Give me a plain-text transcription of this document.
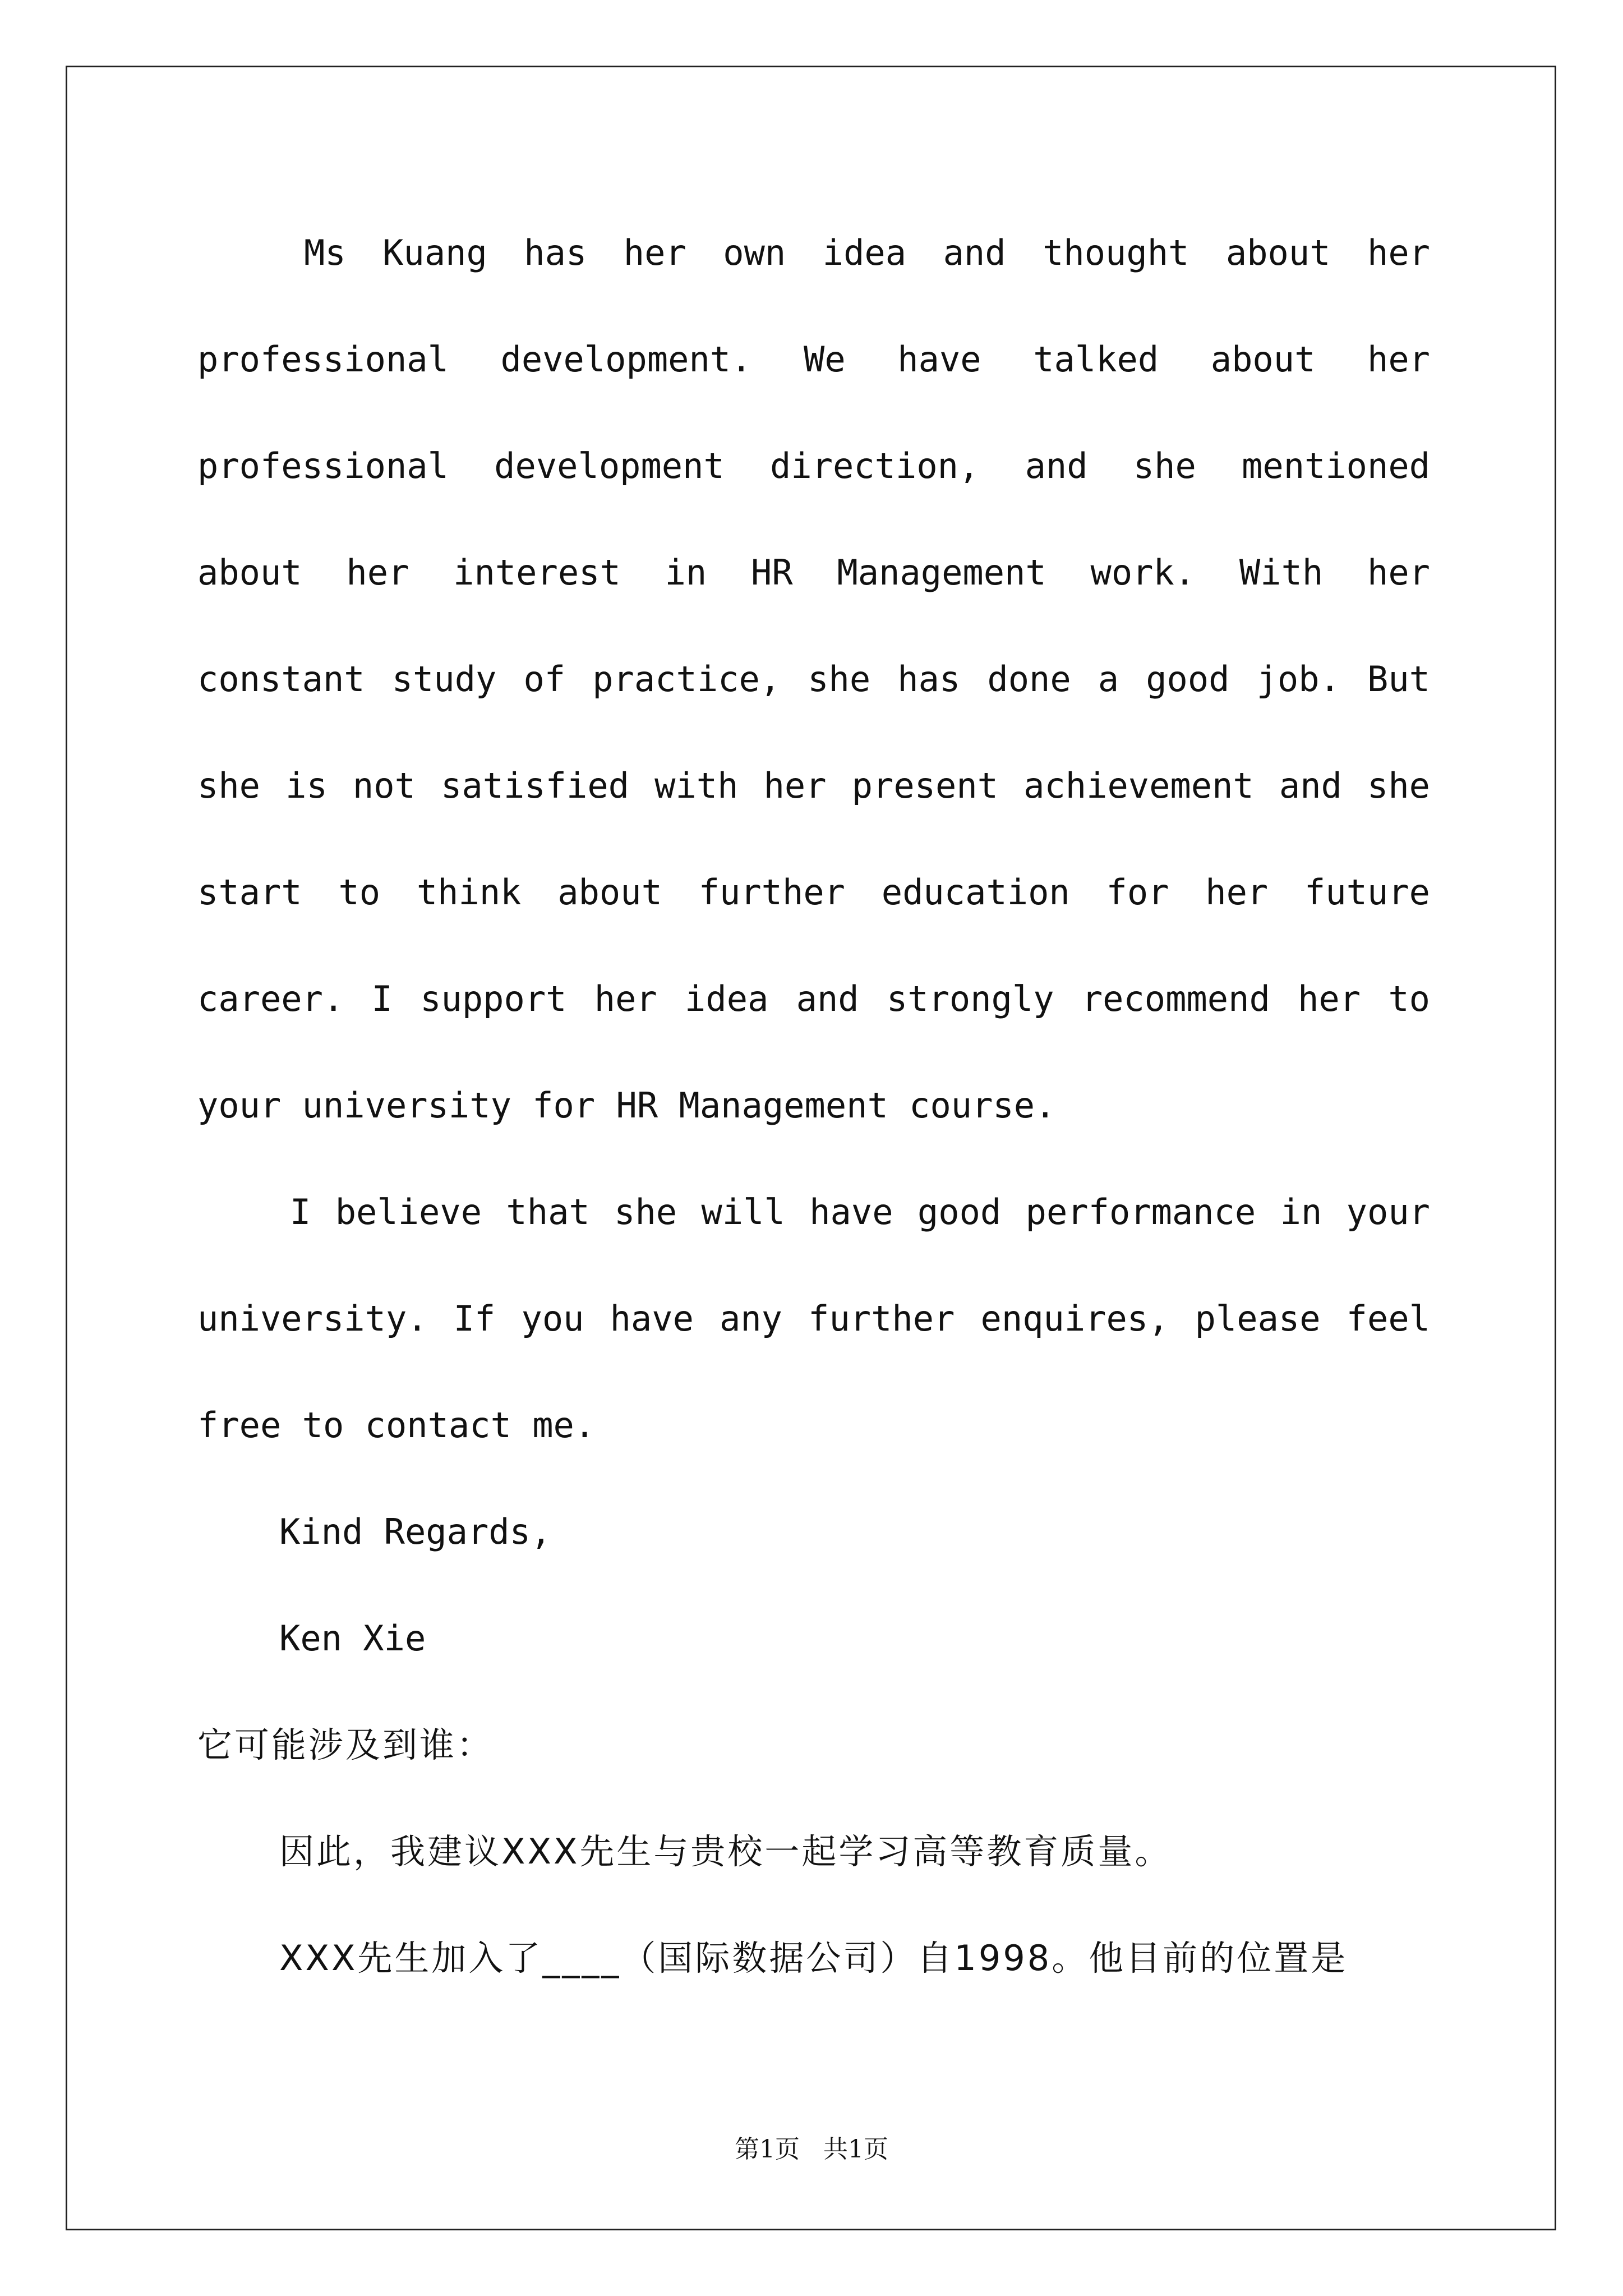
Ms Kuang has her own idea and thought about her professional development. We have talked about her professional development direction, and she mentioned about her interest in HR Management work. With her constant study of practice, she has done a good job. But she is not satisfied with her present achievement and she start to think about further education for her future career. I support her idea and strongly recommend her to your university for HR Management course.

I believe that she will have good performance in your university. If you have any further enquires, please feel free to contact me.

Kind Regards,

Ken Xie

它可能涉及到谁：

因此，我建议XXX先生与贵校一起学习高等教育质量。

XXX先生加入了____（国际数据公司）自1998。他目前的位置是

第1页   共1页
